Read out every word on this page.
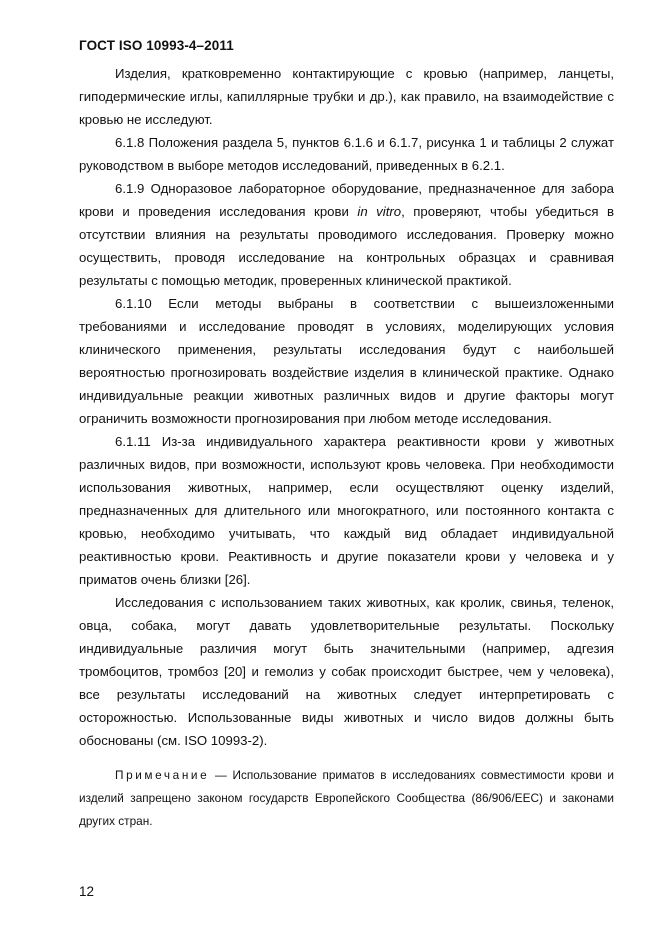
ГОСТ ISO 10993-4–2011

Изделия, кратковременно контактирующие с кровью (например, ланцеты, гиподермические иглы, капиллярные трубки и др.), как правило, на взаимодействие с кровью не исследуют.

6.1.8 Положения раздела 5, пунктов 6.1.6 и 6.1.7, рисунка 1 и таблицы 2 служат руководством в выборе методов исследований, приведенных в 6.2.1.

6.1.9 Одноразовое лабораторное оборудование, предназначенное для забора крови и проведения исследования крови in vitro, проверяют, чтобы убедиться в отсутствии влияния на результаты проводимого исследования. Проверку можно осуществить, проводя исследование на контрольных образцах и сравнивая результаты с помощью методик, проверенных клинической практикой.

6.1.10 Если методы выбраны в соответствии с вышеизложенными требованиями и исследование проводят в условиях, моделирующих условия клинического применения, результаты исследования будут с наибольшей вероятностью прогнозировать воздействие изделия в клинической практике. Однако индивидуальные реакции животных различных видов и другие факторы могут ограничить возможности прогнозирования при любом методе исследования.

6.1.11 Из-за индивидуального характера реактивности крови у животных различных видов, при возможности, используют кровь человека. При необходимости использования животных, например, если осуществляют оценку изделий, предназначенных для длительного или многократного, или постоянного контакта с кровью, необходимо учитывать, что каждый вид обладает индивидуальной реактивностью крови. Реактивность и другие показатели крови у человека и у приматов очень близки [26].

Исследования с использованием таких животных, как кролик, свинья, теленок, овца, собака, могут давать удовлетворительные результаты. Поскольку индивидуальные различия могут быть значительными (например, адгезия тромбоцитов, тромбоз [20] и гемолиз у собак происходит быстрее, чем у человека), все результаты исследований на животных следует интерпретировать с осторожностью. Использованные виды животных и число видов должны быть обоснованы (см. ISO 10993-2).

Примечание — Использование приматов в исследованиях совместимости крови и изделий запрещено законом государств Европейского Сообщества (86/906/EEC) и законами других стран.
12
